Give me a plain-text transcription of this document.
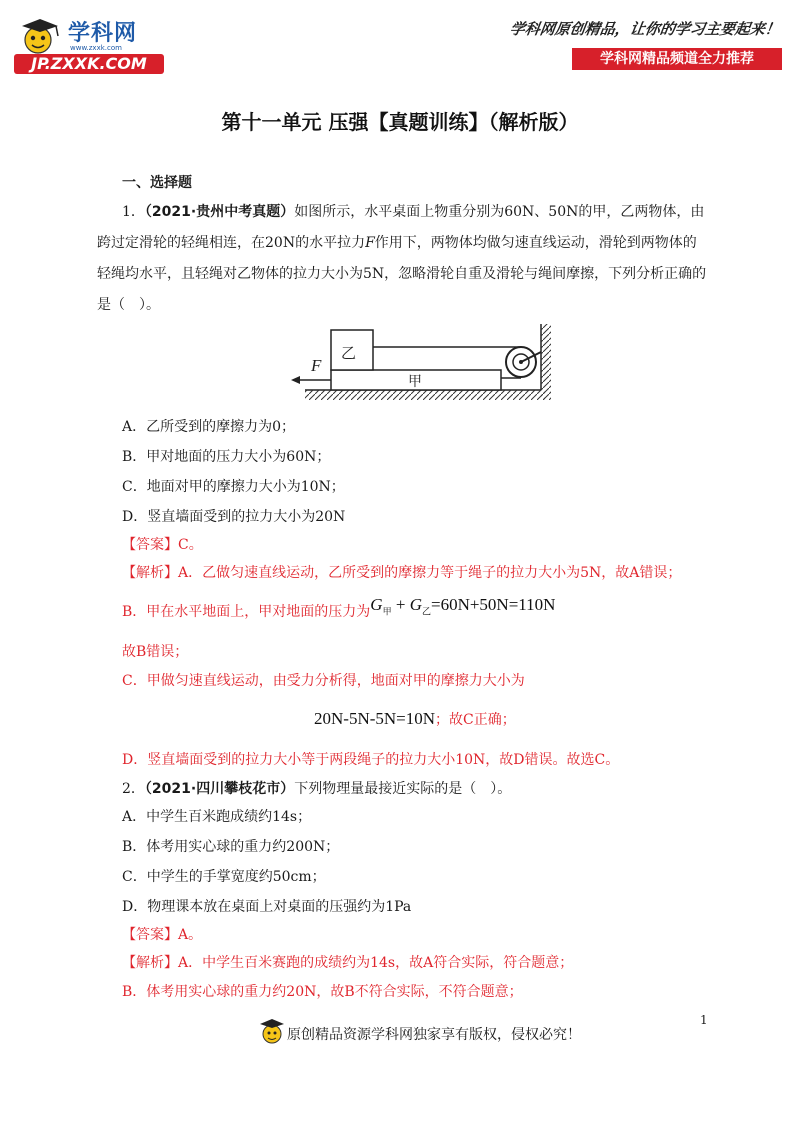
学科网
www.zxxk.com
JP.ZXXK.COM
学科网原创精品，让你的学习主要起来！
学科网精品频道全力推荐
第十一单元 压强【真题训练】（解析版）
一、选择题
1．（2021·贵州中考真题）如图所示，水平桌面上物重分别为60N、50N的甲，乙两物体，由
跨过定滑轮的轻绳相连，在20N的水平拉力F作用下，两物体均做匀速直线运动，滑轮到两物体的
轻绳均水平，且轻绳对乙物体的拉力大小为5N，忽略滑轮自重及滑轮与绳间摩擦，下列分析正确的
是（　）。
F
乙
甲
A．乙所受到的摩擦力为0；
B．甲对地面的压力大小为60N；
C．地面对甲的摩擦力大小为10N；
D．竖直墙面受到的拉力大小为20N
【答案】C。
【解析】A．乙做匀速直线运动，乙所受到的摩擦力等于绳子的拉力大小为5N，故A错误；
B．甲在水平地面上，甲对地面的压力为$G_甲 + G_乙=60N+50N=110N$
故B错误；
C．甲做匀速直线运动，由受力分析得，地面对甲的摩擦力大小为
20N-5N-5N=10N；故C正确；
D．竖直墙面受到的拉力大小等于两段绳子的拉力大小10N，故D错误。故选C。
2．（2021·四川攀枝花市）下列物理量最接近实际的是（　）。
A．中学生百米跑成绩约14s；
B．体考用实心球的重力约200N；
C．中学生的手掌宽度约50cm；
D．物理课本放在桌面上对桌面的压强约为1Pa
【答案】A。
【解析】A．中学生百米赛跑的成绩约为14s，故A符合实际，符合题意；
B．体考用实心球的重力约20N，故B不符合实际，不符合题意；
1
原创精品资源学科网独家享有版权，侵权必究！
